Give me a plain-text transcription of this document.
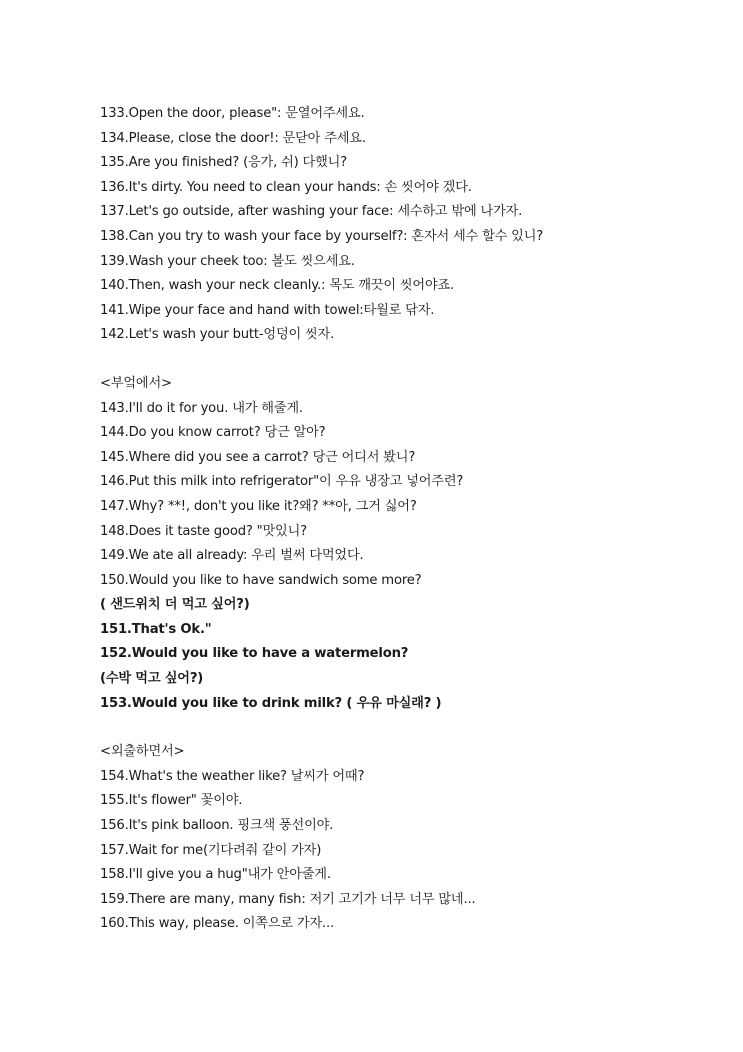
133.Open the door, please": 문열어주세요.
134.Please, close the door!: 문닫아 주세요.
135.Are you finished? (응가, 쉬) 다했니?
136.It's dirty. You need to clean your hands: 손 씻어야 겠다.
137.Let's go outside, after washing your face: 세수하고 밖에 나가자.
138.Can you try to wash your face by yourself?: 혼자서 세수 할수 있니?
139.Wash your cheek too: 볼도 씻으세요.
140.Then, wash your neck cleanly.: 목도 깨끗이 씻어야죠.
141.Wipe your face and hand with towel:타월로 닦자.
142.Let's wash your butt-엉덩이 씻자.
<부엌에서>
143.I'll do it for you. 내가 해줄게.
144.Do you know carrot? 당근 알아?
145.Where did you see a carrot? 당근 어디서 봤니?
146.Put this milk into refrigerator"이 우유 냉장고 넣어주련?
147.Why? **!, don't you like it?왜? **아, 그거 싫어?
148.Does it taste good? "맛있니?
149.We ate all already: 우리 벌써 다먹었다.
150.Would you like to have sandwich some more?
( 샌드위치 더 먹고 싶어?)
151.That's Ok."
152.Would you like to have a watermelon?
(수박 먹고 싶어?)
153.Would you like to drink milk? ( 우유 마실래? )
<외출하면서>
154.What's the weather like? 날씨가 어때?
155.It's flower" 꽃이야.
156.It's pink balloon. 핑크색 풍선이야.
157.Wait for me(기다려줘 같이 가자)
158.I'll give you a hug"내가 안아줄게.
159.There are many, many fish: 저기 고기가 너무 너무 많네...
160.This way, please. 이쪽으로 가자...
